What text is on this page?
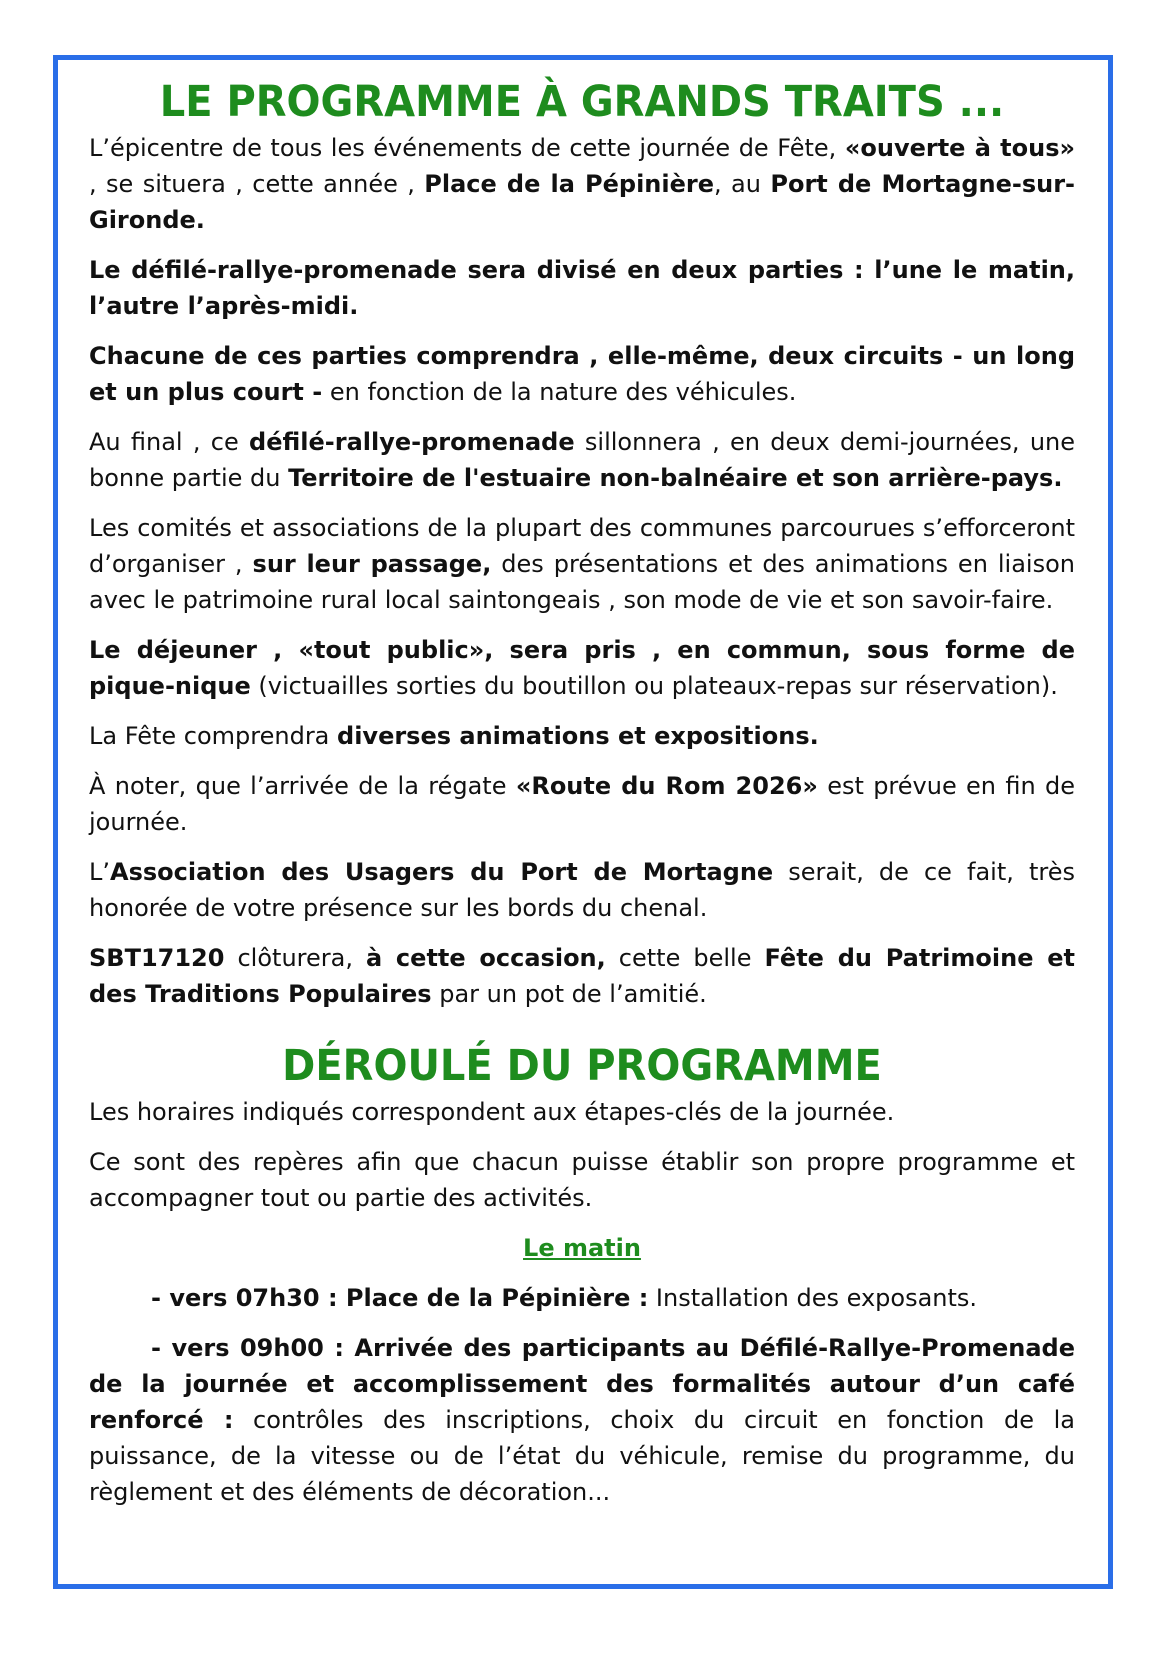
LE PROGRAMME À GRANDS TRAITS ...

L’épicentre de tous les événements de cette journée de Fête, «ouverte à tous» , se situera , cette année , Place de la Pépinière, au Port de Mortagne-sur-Gironde.

Le défilé-rallye-promenade sera divisé en deux parties : l’une le matin, l’autre l’après-midi.

Chacune de ces parties comprendra , elle-même, deux circuits - un long et un plus court - en fonction de la nature des véhicules.

Au final , ce défilé-rallye-promenade sillonnera , en deux demi-journées, une bonne partie du Territoire de l'estuaire non-balnéaire et son arrière-pays.

Les comités et associations de la plupart des communes parcourues s’efforceront d’organiser , sur leur passage, des présentations et des animations en liaison avec le patrimoine rural local saintongeais , son mode de vie et son savoir-faire.

Le déjeuner , «tout public», sera pris , en commun, sous forme de pique-nique (victuailles sorties du boutillon ou plateaux-repas sur réservation).

La Fête comprendra diverses animations et expositions.

À noter, que l’arrivée de la régate «Route du Rom 2026» est prévue en fin de journée.

L’Association des Usagers du Port de Mortagne serait, de ce fait, très honorée de votre présence sur les bords du chenal.

SBT17120 clôturera, à cette occasion, cette belle Fête du Patrimoine et des Traditions Populaires par un pot de l’amitié.

DÉROULÉ DU PROGRAMME

Les horaires indiqués correspondent aux étapes-clés de la journée.

Ce sont des repères afin que chacun puisse établir son propre programme et accompagner tout ou partie des activités.

Le matin

- vers 07h30 : Place de la Pépinière : Installation des exposants.

- vers 09h00 : Arrivée des participants au Défilé-Rallye-Promenade de la journée et accomplissement des formalités autour d’un café renforcé : contrôles des inscriptions, choix du circuit en fonction de la puissance, de la vitesse ou de l’état du véhicule, remise du programme, du règlement et des éléments de décoration...
